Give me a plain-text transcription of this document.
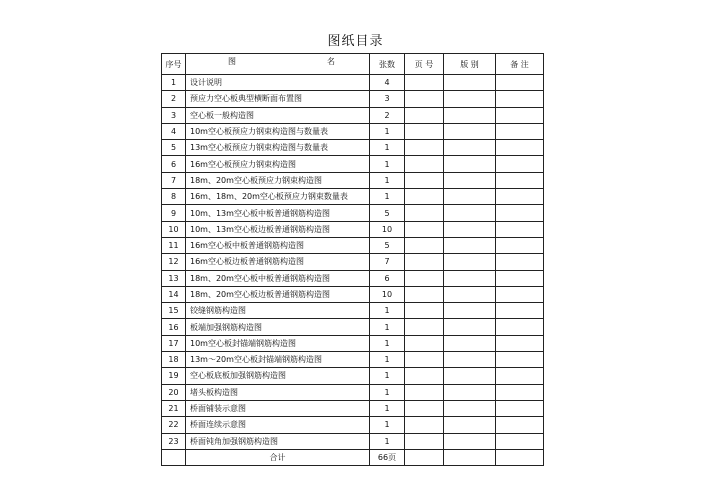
图纸目录
序号	图 名	张数	页 号	版 别	备 注
1	设计说明	4			
2	预应力空心板典型横断面布置图	3			
3	空心板一般构造图	2			
4	10m空心板预应力钢束构造图与数量表	1			
5	13m空心板预应力钢束构造图与数量表	1			
6	16m空心板预应力钢束构造图	1			
7	18m、20m空心板预应力钢束构造图	1			
8	16m、18m、20m空心板预应力钢束数量表	1			
9	10m、13m空心板中板普通钢筋构造图	5			
10	10m、13m空心板边板普通钢筋构造图	10			
11	16m空心板中板普通钢筋构造图	5			
12	16m空心板边板普通钢筋构造图	7			
13	18m、20m空心板中板普通钢筋构造图	6			
14	18m、20m空心板边板普通钢筋构造图	10			
15	铰缝钢筋构造图	1			
16	板端加强钢筋构造图	1			
17	10m空心板封锚端钢筋构造图	1			
18	13m～20m空心板封锚端钢筋构造图	1			
19	空心板底板加强钢筋构造图	1			
20	堵头板构造图	1			
21	桥面铺装示意图	1			
22	桥面连续示意图	1			
23	桥面钝角加强钢筋构造图	1			
	合计	66页			
